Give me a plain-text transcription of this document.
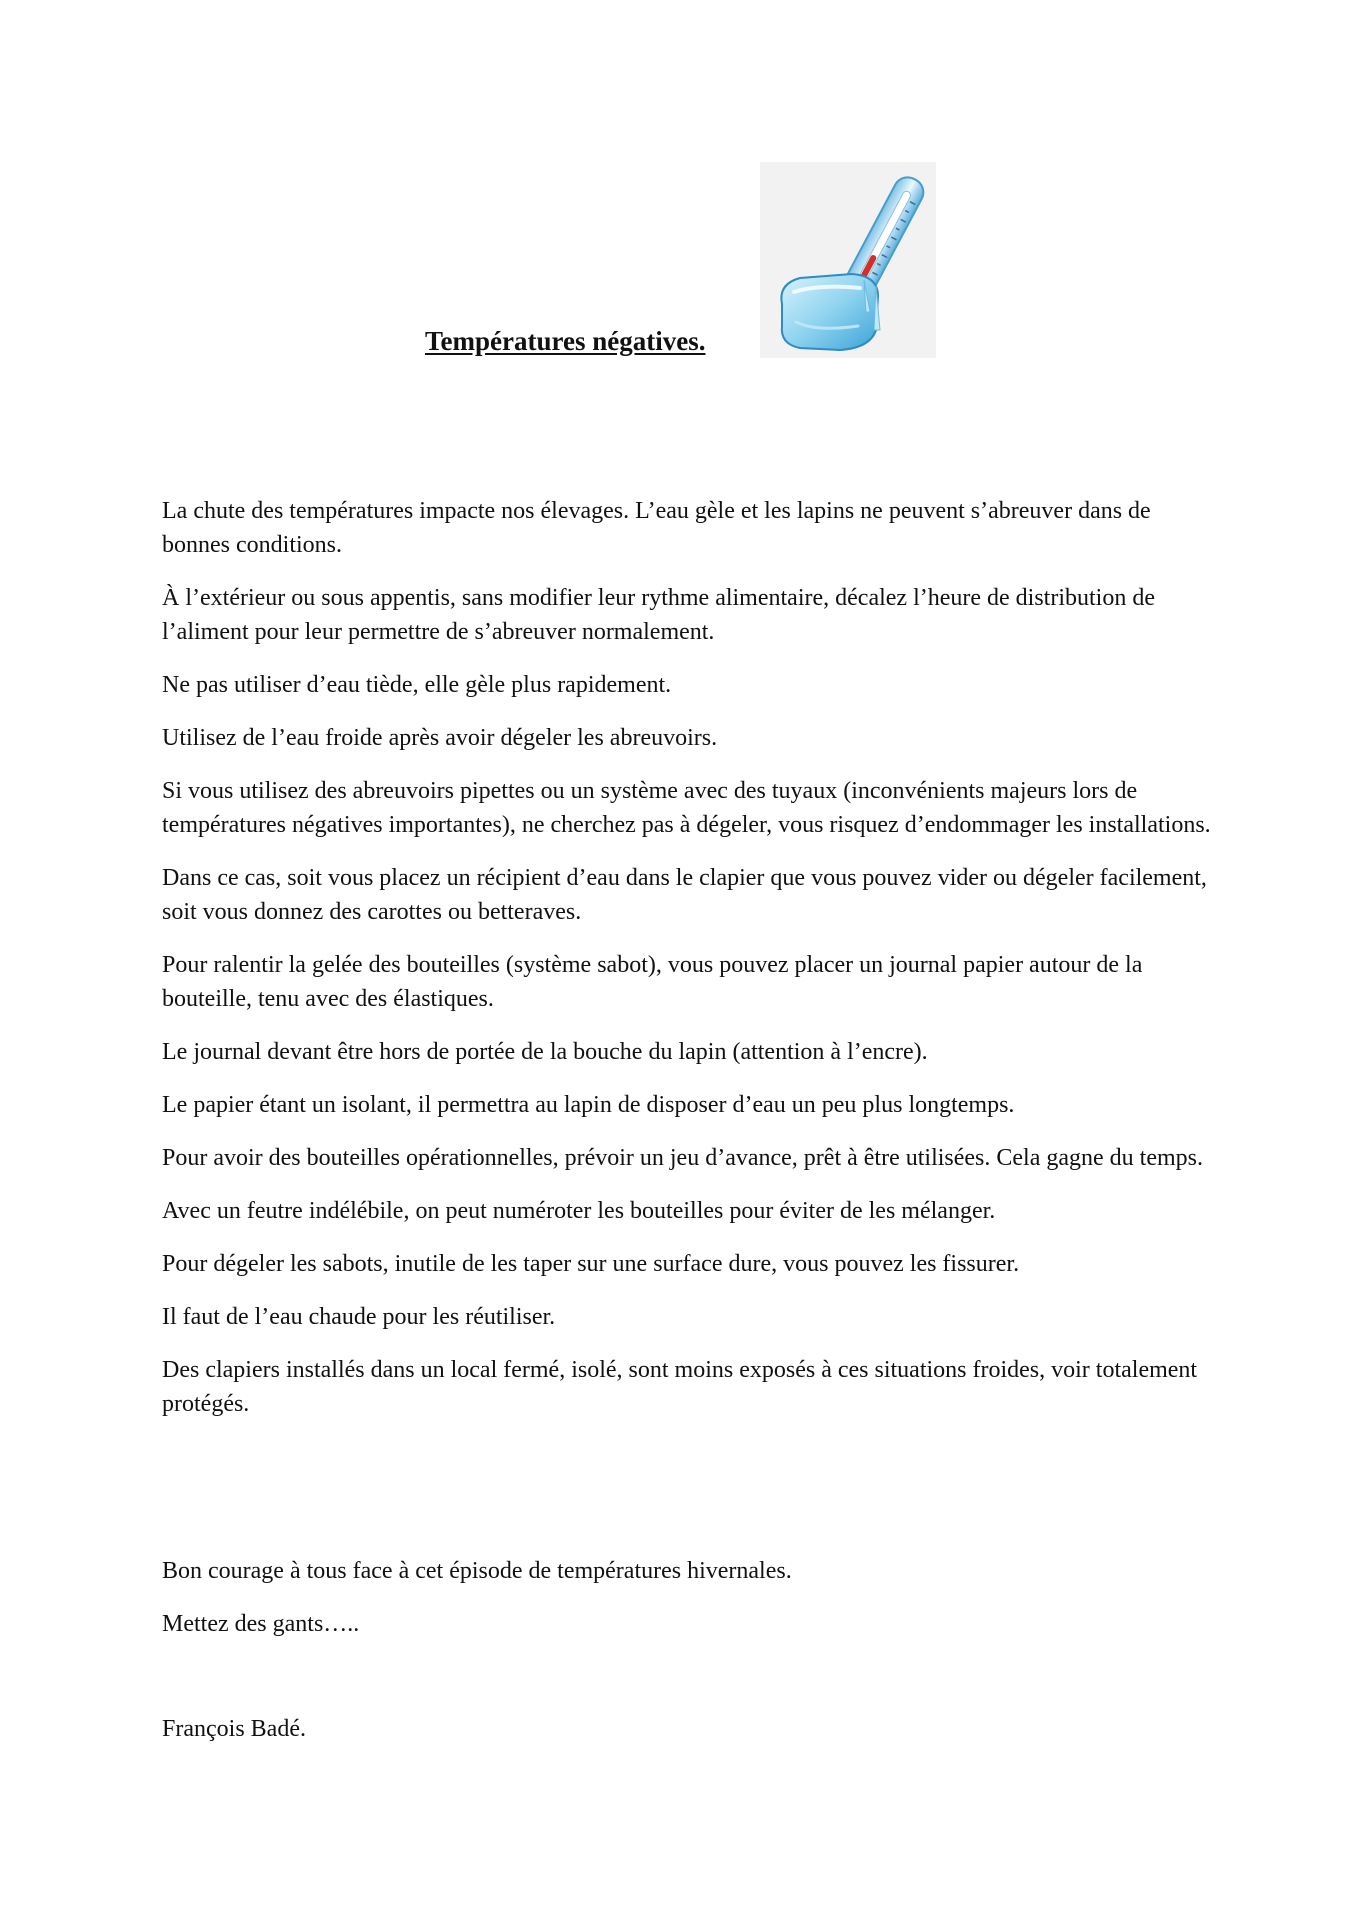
Températures négatives.

La chute des températures impacte nos élevages. L’eau gèle et les lapins ne peuvent s’abreuver dans de bonnes conditions.

À l’extérieur ou sous appentis, sans modifier leur rythme alimentaire, décalez l’heure de distribution de l’aliment pour leur permettre de s’abreuver normalement.

Ne pas utiliser d’eau tiède, elle gèle plus rapidement.

Utilisez de l’eau froide après avoir dégeler les abreuvoirs.

Si vous utilisez des abreuvoirs pipettes ou un système avec des tuyaux (inconvénients majeurs lors de températures négatives importantes), ne cherchez pas à dégeler, vous risquez d’endommager les installations.

Dans ce cas, soit vous placez un récipient d’eau dans le clapier que vous pouvez vider ou dégeler facilement, soit vous donnez des carottes ou betteraves.

Pour ralentir la gelée des bouteilles (système sabot), vous pouvez placer un journal papier autour de la bouteille, tenu avec des élastiques.

Le journal devant être hors de portée de la bouche du lapin (attention à l’encre).

Le papier étant un isolant, il permettra au lapin de disposer d’eau un peu plus longtemps.

Pour avoir des bouteilles opérationnelles, prévoir un jeu d’avance, prêt à être utilisées. Cela gagne du temps.

Avec un feutre indélébile, on peut numéroter les bouteilles pour éviter de les mélanger.

Pour dégeler les sabots, inutile de les taper sur une surface dure, vous pouvez les fissurer.

Il faut de l’eau chaude pour les réutiliser.

Des clapiers installés dans un local fermé, isolé, sont moins exposés à ces situations froides, voir totalement protégés.

Bon courage à tous face à cet épisode de températures hivernales.

Mettez des gants…..

François Badé.
